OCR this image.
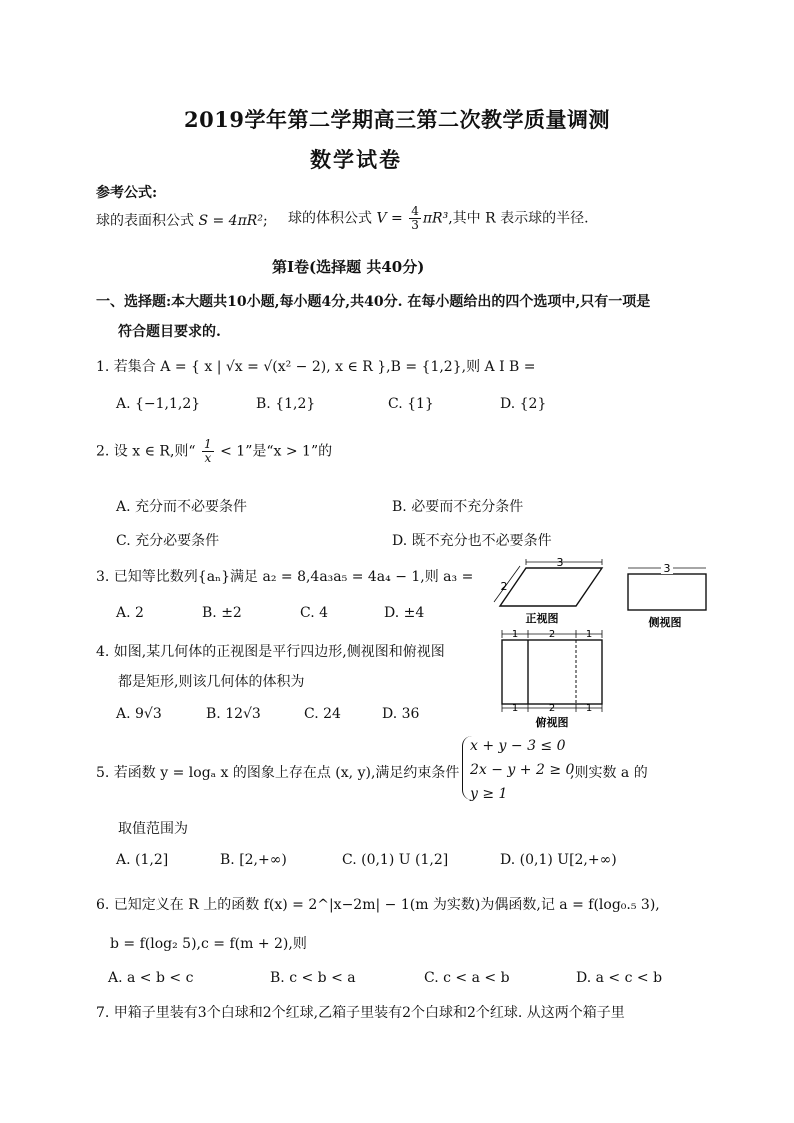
2019学年第二学期高三第二次教学质量调测
数学试卷
参考公式:
球的表面积公式 S = 4πR²; 球的体积公式 $V = \frac{4}{3} \pi R^3$,其中 R 表示球的半径.
第Ⅰ卷(选择题 共40分)
一、选择题:本大题共10小题,每小题4分,共40分. 在每小题给出的四个选项中,只有一项是
符合题目要求的.
1. 若集合 A = { x | √x = √(x² − 2), x ∈ R },B = {1,2},则 A I B =
A. {−1,1,2}	B. {1,2}	C. {1}	D. {2}
2. 设 x ∈ R,则“ $\frac{1}{x} < 1$”是“x > 1”的
A. 充分而不必要条件	B. 必要而不充分条件
C. 充分必要条件	D. 既不充分也不必要条件
3. 已知等比数列{aₙ}满足 a₂ = 8,4a₃a₅ = 4a₄ − 1,则 a₃ =
A. 2	B. ±2	C. 4	D. ±4
4. 如图,某几何体的正视图是平行四边形,侧视图和俯视图
都是矩形,则该几何体的体积为
A. 9√3	B. 12√3	C. 24	D. 36
3
2
正视图
3
侧视图
1	2	1
1	2	1
俯视图
5. 若函数 y = logₐ x 的图象上存在点 (x, y),满足约束条件
x + y − 3 ≤ 0
2x − y + 2 ≥ 0
y ≥ 1
,则实数 a 的
取值范围为
A. (1,2]	B. [2,+∞)	C. (0,1) U (1,2]	D. (0,1) U[2,+∞)
6. 已知定义在 R 上的函数 f(x) = 2^|x−2m| − 1(m 为实数)为偶函数,记 a = f(log₀.₅ 3),
b = f(log₂ 5),c = f(m + 2),则
A. a < b < c	B. c < b < a	C. c < a < b	D. a < c < b
7. 甲箱子里装有3个白球和2个红球,乙箱子里装有2个白球和2个红球. 从这两个箱子里
